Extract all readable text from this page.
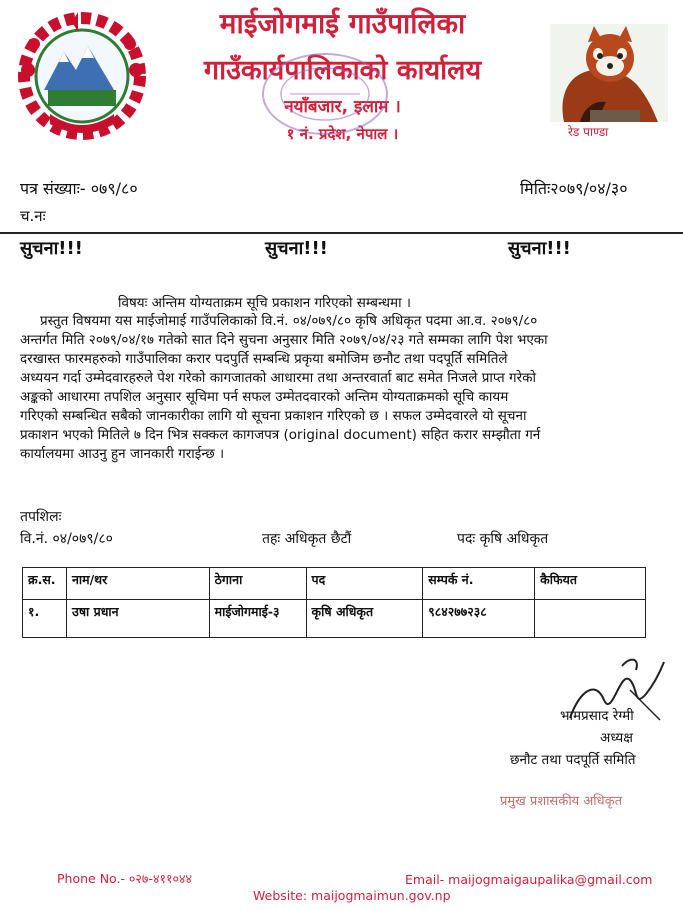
माईजोगमाई गाउँपालिका
गाउँकार्यपालिकाको कार्यालय
नयाँबजार, इलाम ।
१ नं. प्रदेश, नेपाल ।	रेड पाण्डा
पत्र संख्याः- ०७९/८०	मितिः२०७९/०४/३०
च.नः
सुचना!!!	सुचना!!!	सुचना!!!
विषयः अन्तिम योग्यताक्रम सूचि प्रकाशन गरिएको सम्बन्धमा ।
प्रस्तुत विषयमा यस माईजोमाई गाउँपलिकाको वि.नं. ०४/०७९/८० कृषि अधिकृत पदमा आ.व. २०७९/८०
अन्तर्गत मिति २०७९/०४/१७ गतेको सात दिने सुचना अनुसार मिति २०७९/०४/२३ गते सम्मका लागि पेश भएका
दरखास्त फारमहरुको गाउँपालिका करार पदपुर्ति सम्बन्धि प्रकृया बमोजिम छनौट तथा पदपूर्ति समितिले
अध्ययन गर्दा उम्मेदवारहरुले पेश गरेको कागजातको आधारमा तथा अन्तरवार्ता बाट समेत निजले प्राप्त गरेको
अङ्कको आधारमा तपशिल अनुसार सूचिमा पर्न सफल उम्मेतदवारको अन्तिम योग्यताक्रमको सूचि कायम
गरिएको सम्बन्धित सबैको जानकारीका लागि यो सूचना प्रकाशन गरिएको छ । सफल उम्मेदवारले यो सूचना
प्रकाशन भएको मितिले ७ दिन भित्र सक्कल कागजपत्र (original document) सहित करार सम्झौता गर्न
कार्यालयमा आउनु हुन जानकारी गराईन्छ ।
तपशिलः
वि.नं. ०४/०७९/८०	तहः अधिकृत छैटौं	पदः कृषि अधिकृत
क्र.स.	नाम/थर	ठेगाना	पद	सम्पर्क नं.	कैफियत
१.	उषा प्रधान	माईजोगमाई-३	कृषि अधिकृत	९८४२७७२३८	
भामप्रसाद रेग्मी
अध्यक्ष
छनौट तथा पदपूर्ति समिति
प्रमुख प्रशासकीय अधिकृत
Phone No.- ०२७-४११०४४	Email- maijogmaigaupalika@gmail.com
Website: maijogmaimun.gov.np
